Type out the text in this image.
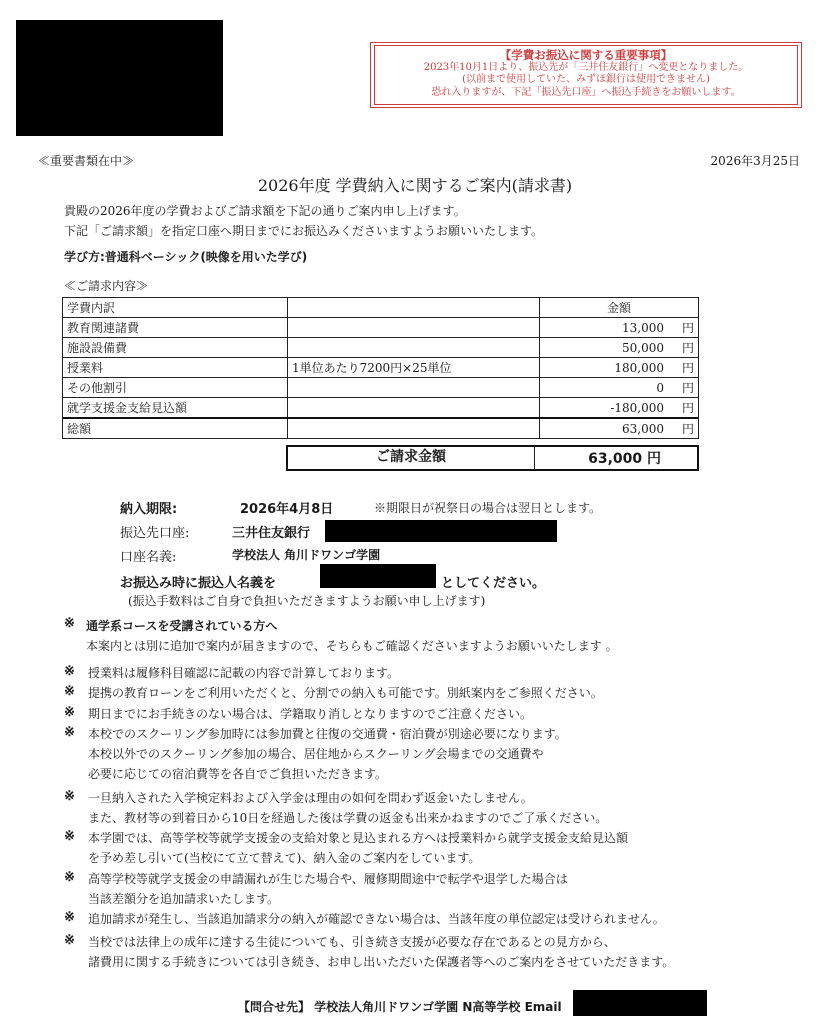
【学費お振込に関する重要事項】
2023年10月1日より、振込先が「三井住友銀行」へ変更となりました。
(以前まで使用していた、みずほ銀行は使用できません)
恐れ入りますが、下記「振込先口座」へ振込手続きをお願いします。
≪重要書類在中≫	2026年3月25日
2026年度 学費納入に関するご案内(請求書)
貴殿の2026年度の学費およびご請求額を下記の通りご案内申し上げます。
下記「ご請求額」を指定口座へ期日までにお振込みくださいますようお願いいたします。
学び方:普通科ベーシック(映像を用いた学び)
≪ご請求内容≫
学費内訳		金額
教育関連諸費		13,000 円
施設設備費		50,000 円
授業料	1単位あたり7200円×25単位	180,000 円
その他割引		0 円
就学支援金支給見込額		-180,000 円
総額		63,000 円
ご請求金額	63,000 円
納入期限:	2026年4月8日	※期限日が祝祭日の場合は翌日とします。
振込先口座:	三井住友銀行
口座名義:	学校法人 角川ドワンゴ学園
お振込み時に振込人名義を	としてください。
(振込手数料はご自身で負担いただきますようお願い申し上げます)
※ 通学系コースを受講されている方へ
本案内とは別に追加で案内が届きますので、そちらもご確認くださいますようお願いいたします 。
※ 授業料は履修科目確認に記載の内容で計算しております。
※ 提携の教育ローンをご利用いただくと、分割での納入も可能です。別紙案内をご参照ください。
※ 期日までにお手続きのない場合は、学籍取り消しとなりますのでご注意ください。
※ 本校でのスクーリング参加時には参加費と往復の交通費・宿泊費が別途必要になります。
本校以外でのスクーリング参加の場合、居住地からスクーリング会場までの交通費や
必要に応じての宿泊費等を各自でご負担いただきます。
※ 一旦納入された入学検定料および入学金は理由の如何を問わず返金いたしません。
また、教材等の到着日から10日を経過した後は学費の返金も出来かねますのでご了承ください。
※ 本学園では、高等学校等就学支援金の支給対象と見込まれる方へは授業料から就学支援金支給見込額
を予め差し引いて(当校にて立て替えて)、納入金のご案内をしています。
※ 高等学校等就学支援金の申請漏れが生じた場合や、履修期間途中で転学や退学した場合は
当該差額分を追加請求いたします。
※ 追加請求が発生し、当該追加請求分の納入が確認できない場合は、当該年度の単位認定は受けられません。
※ 当校では法律上の成年に達する生徒についても、引き続き支援が必要な存在であるとの見方から、
諸費用に関する手続きについては引き続き、お申し出いただいた保護者等へのご案内をさせていただきます。
【問合せ先】 学校法人角川ドワンゴ学園 N高等学校 Email
